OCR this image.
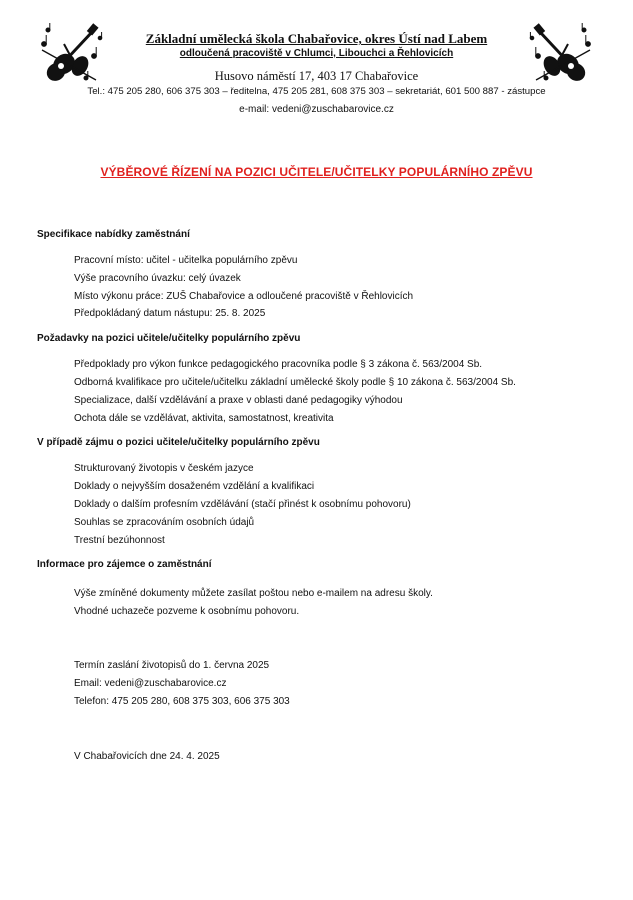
Základní umělecká škola Chabařovice, okres Ústí nad Labem
odloučená pracoviště v Chlumci, Libouchci a Řehlovicích
Husovo náměstí 17, 403 17 Chabařovice
Tel.: 475 205 280, 606 375 303 – ředitelna, 475 205 281, 608 375 303 – sekretariát, 601 500 887 - zástupce
e-mail: vedeni@zuschabarovice.cz
VÝBĚROVÉ ŘÍZENÍ NA POZICI UČITELE/UČITELKY POPULÁRNÍHO ZPĚVU
Specifikace nabídky zaměstnání
Pracovní místo: učitel - učitelka populárního zpěvu
Výše pracovního úvazku: celý úvazek
Místo výkonu práce: ZUŠ Chabařovice a odloučené pracoviště v Řehlovicích
Předpokládaný datum nástupu: 25. 8. 2025
Požadavky na pozici učitele/učitelky populárního zpěvu
Předpoklady pro výkon funkce pedagogického pracovníka podle § 3 zákona č. 563/2004 Sb.
Odborná kvalifikace pro učitele/učitelku základní umělecké školy podle § 10 zákona č. 563/2004 Sb.
Specializace, další vzdělávání a praxe v oblasti dané pedagogiky výhodou
Ochota dále se vzdělávat, aktivita, samostatnost, kreativita
V případě zájmu o pozici učitele/učitelky populárního zpěvu
Strukturovaný životopis v českém jazyce
Doklady o nejvyšším dosaženém vzdělání a kvalifikaci
Doklady o dalším profesním vzdělávání (stačí přinést k osobnímu pohovoru)
Souhlas se zpracováním osobních údajů
Trestní bezúhonnost
Informace pro zájemce o zaměstnání
Výše zmíněné dokumenty můžete zasílat poštou nebo e-mailem na adresu školy.
Vhodné uchazeče pozveme k osobnímu pohovoru.
Termín zaslání životopisů do 1. června 2025
Email: vedeni@zuschabarovice.cz
Telefon: 475 205 280, 608 375 303, 606 375 303
V Chabařovicích dne 24. 4. 2025
